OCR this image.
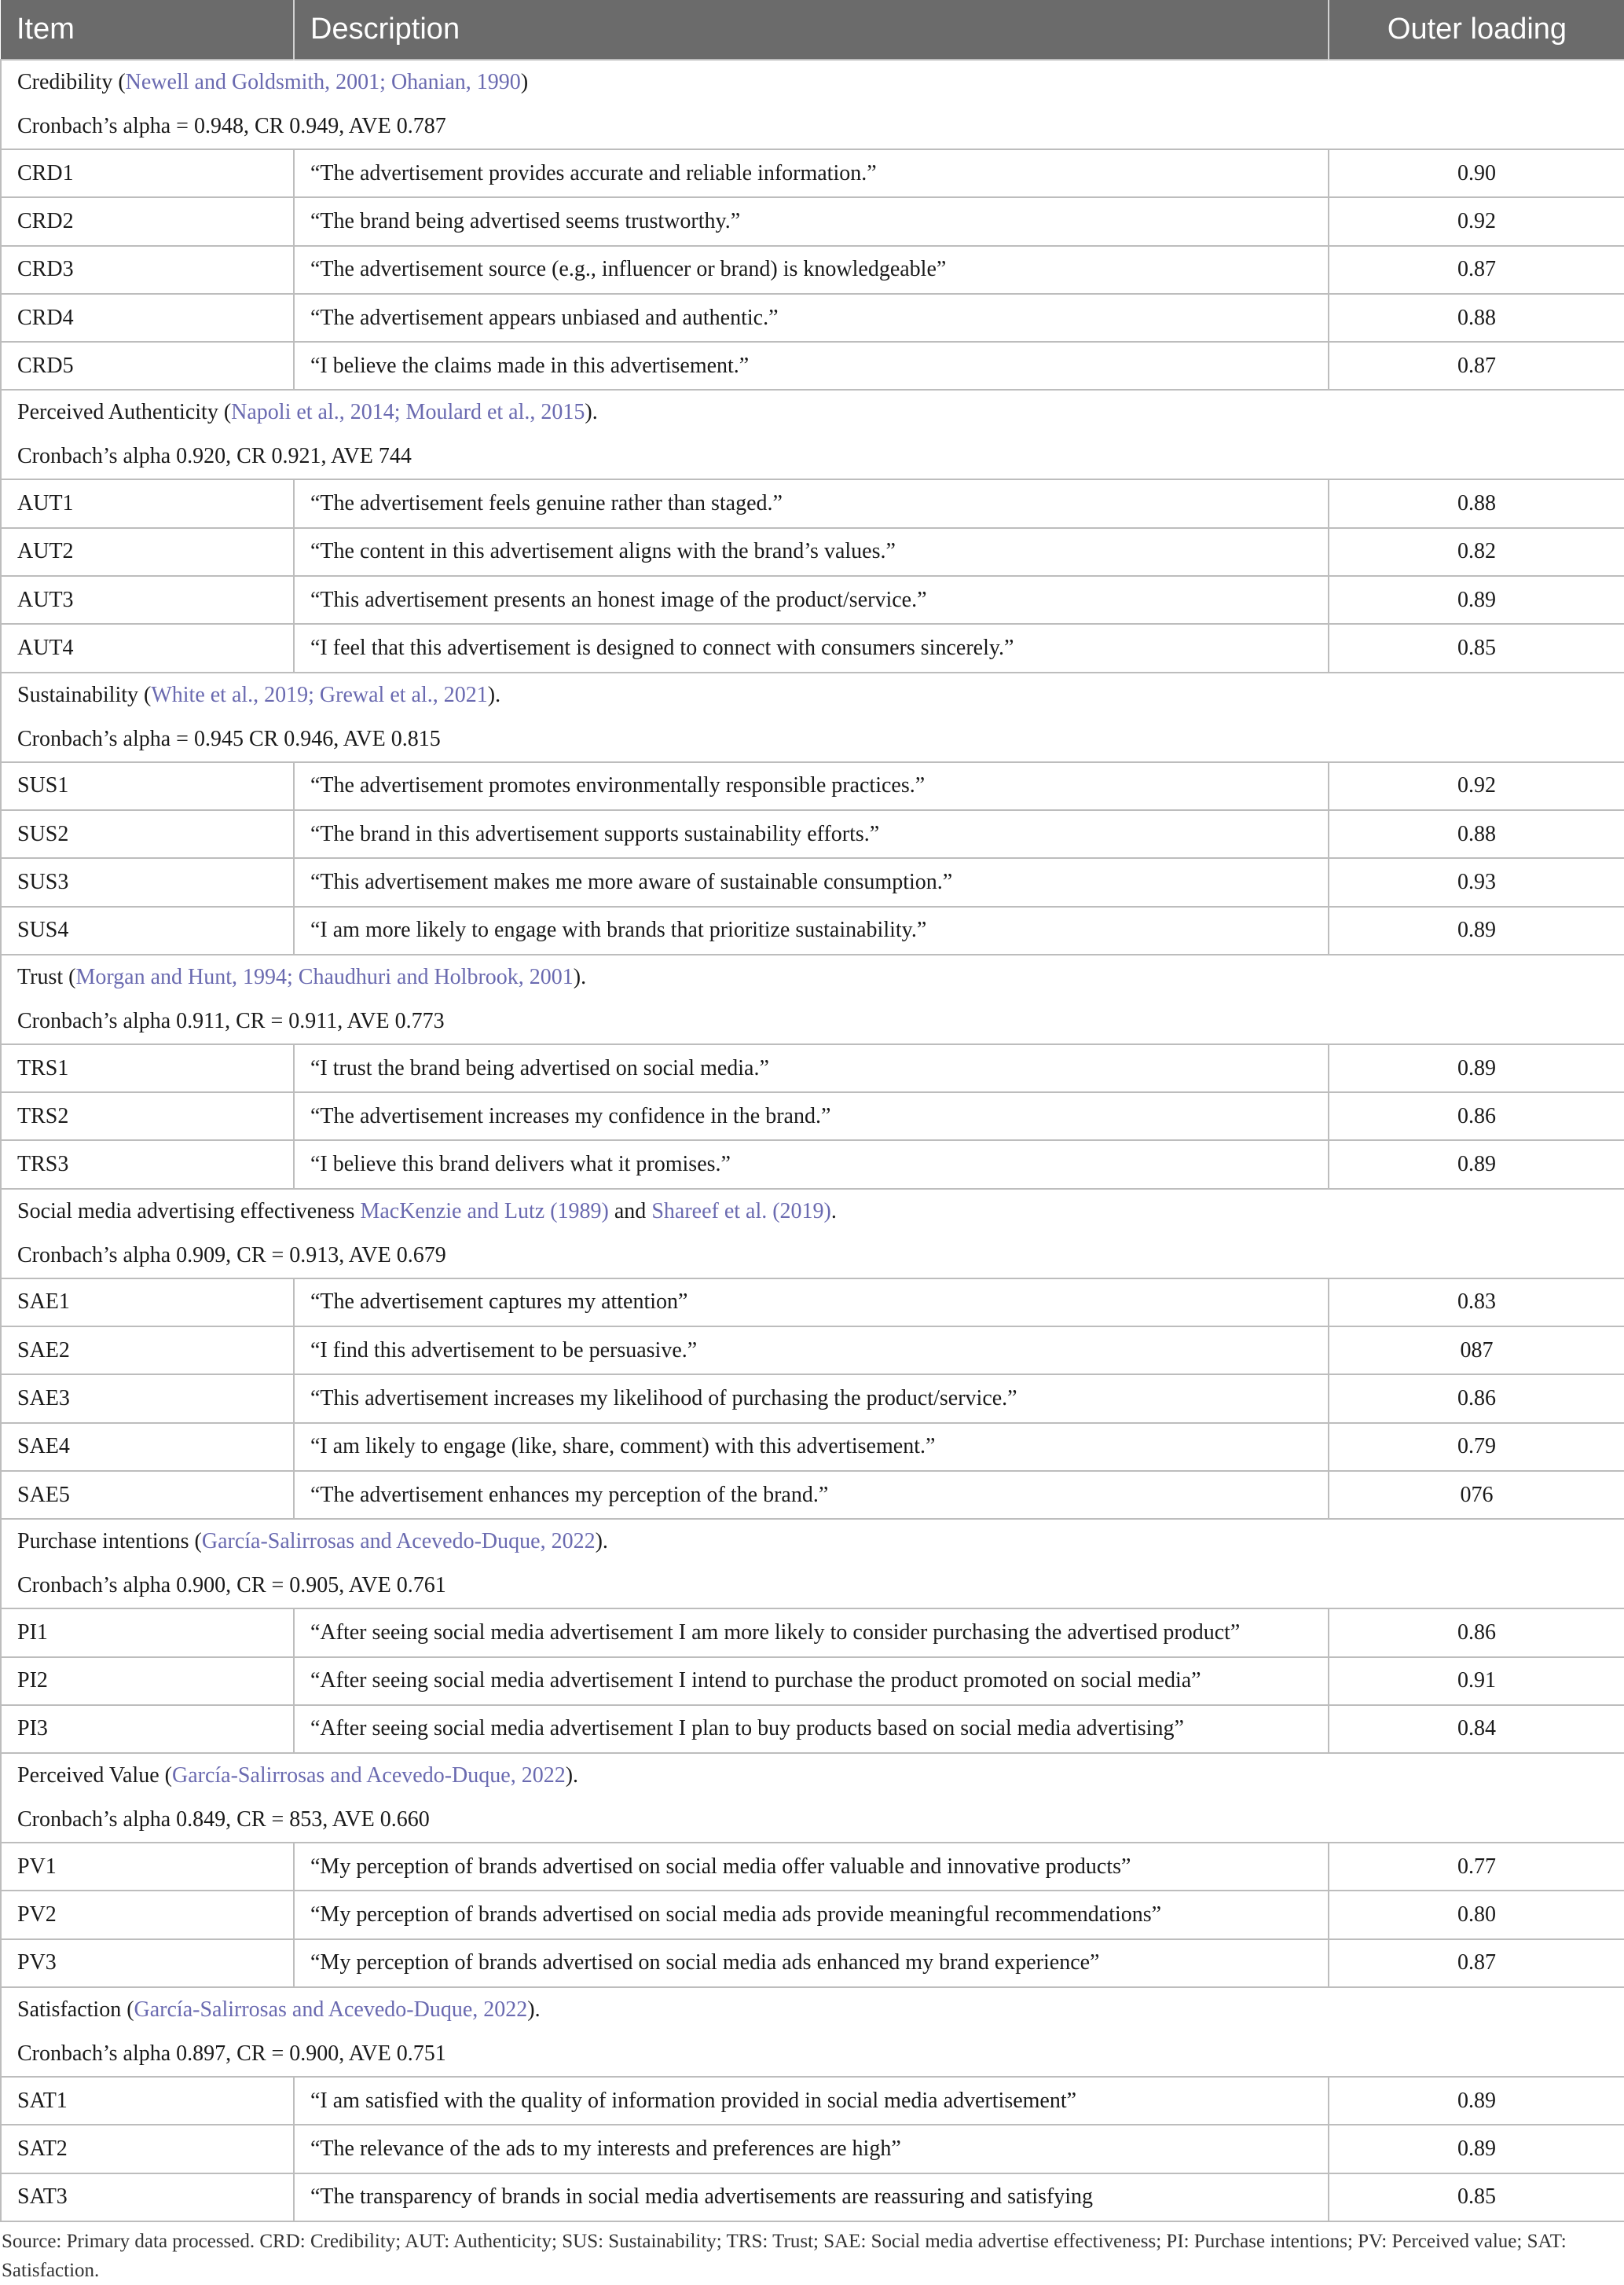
Item	Description	Outer loading

Credibility (Newell and Goldsmith, 2001; Ohanian, 1990)
Cronbach’s alpha = 0.948, CR 0.949, AVE 0.787		

CRD1	“The advertisement provides accurate and reliable information.”	0.90
CRD2	“The brand being advertised seems trustworthy.”	0.92
CRD3	“The advertisement source (e.g., influencer or brand) is knowledgeable”	0.87
CRD4	“The advertisement appears unbiased and authentic.”	0.88
CRD5	“I believe the claims made in this advertisement.”	0.87

Perceived Authenticity (Napoli et al., 2014; Moulard et al., 2015).
Cronbach’s alpha 0.920, CR 0.921, AVE 744		

AUT1	“The advertisement feels genuine rather than staged.”	0.88
AUT2	“The content in this advertisement aligns with the brand’s values.”	0.82
AUT3	“This advertisement presents an honest image of the product/service.”	0.89
AUT4	“I feel that this advertisement is designed to connect with consumers sincerely.”	0.85

Sustainability (White et al., 2019; Grewal et al., 2021).
Cronbach’s alpha = 0.945 CR 0.946, AVE 0.815		

SUS1	“The advertisement promotes environmentally responsible practices.”	0.92
SUS2	“The brand in this advertisement supports sustainability efforts.”	0.88
SUS3	“This advertisement makes me more aware of sustainable consumption.”	0.93
SUS4	“I am more likely to engage with brands that prioritize sustainability.”	0.89

Trust (Morgan and Hunt, 1994; Chaudhuri and Holbrook, 2001).
Cronbach’s alpha 0.911, CR = 0.911, AVE 0.773		

TRS1	“I trust the brand being advertised on social media.”	0.89
TRS2	“The advertisement increases my confidence in the brand.”	0.86
TRS3	“I believe this brand delivers what it promises.”	0.89

Social media advertising effectiveness MacKenzie and Lutz (1989) and Shareef et al. (2019).
Cronbach’s alpha 0.909, CR = 0.913, AVE 0.679		

SAE1	“The advertisement captures my attention”	0.83
SAE2	“I find this advertisement to be persuasive.”	087
SAE3	“This advertisement increases my likelihood of purchasing the product/service.”	0.86
SAE4	“I am likely to engage (like, share, comment) with this advertisement.”	0.79
SAE5	“The advertisement enhances my perception of the brand.”	076

Purchase intentions (García-Salirrosas and Acevedo-Duque, 2022).
Cronbach’s alpha 0.900, CR = 0.905, AVE 0.761		

PI1	“After seeing social media advertisement I am more likely to consider purchasing the advertised product”	0.86
PI2	“After seeing social media advertisement I intend to purchase the product promoted on social media”	0.91
PI3	“After seeing social media advertisement I plan to buy products based on social media advertising”	0.84

Perceived Value (García-Salirrosas and Acevedo-Duque, 2022).
Cronbach’s alpha 0.849, CR = 853, AVE 0.660		

PV1	“My perception of brands advertised on social media offer valuable and innovative products”	0.77
PV2	“My perception of brands advertised on social media ads provide meaningful recommendations”	0.80
PV3	“My perception of brands advertised on social media ads enhanced my brand experience”	0.87

Satisfaction (García-Salirrosas and Acevedo-Duque, 2022).
Cronbach’s alpha 0.897, CR = 0.900, AVE 0.751		

SAT1	“I am satisfied with the quality of information provided in social media advertisement”	0.89
SAT2	“The relevance of the ads to my interests and preferences are high”	0.89
SAT3	“The transparency of brands in social media advertisements are reassuring and satisfying	0.85
Source: Primary data processed. CRD: Credibility; AUT: Authenticity; SUS: Sustainability; TRS: Trust; SAE: Social media advertise effectiveness; PI: Purchase intentions; PV: Perceived value; SAT: Satisfaction.
